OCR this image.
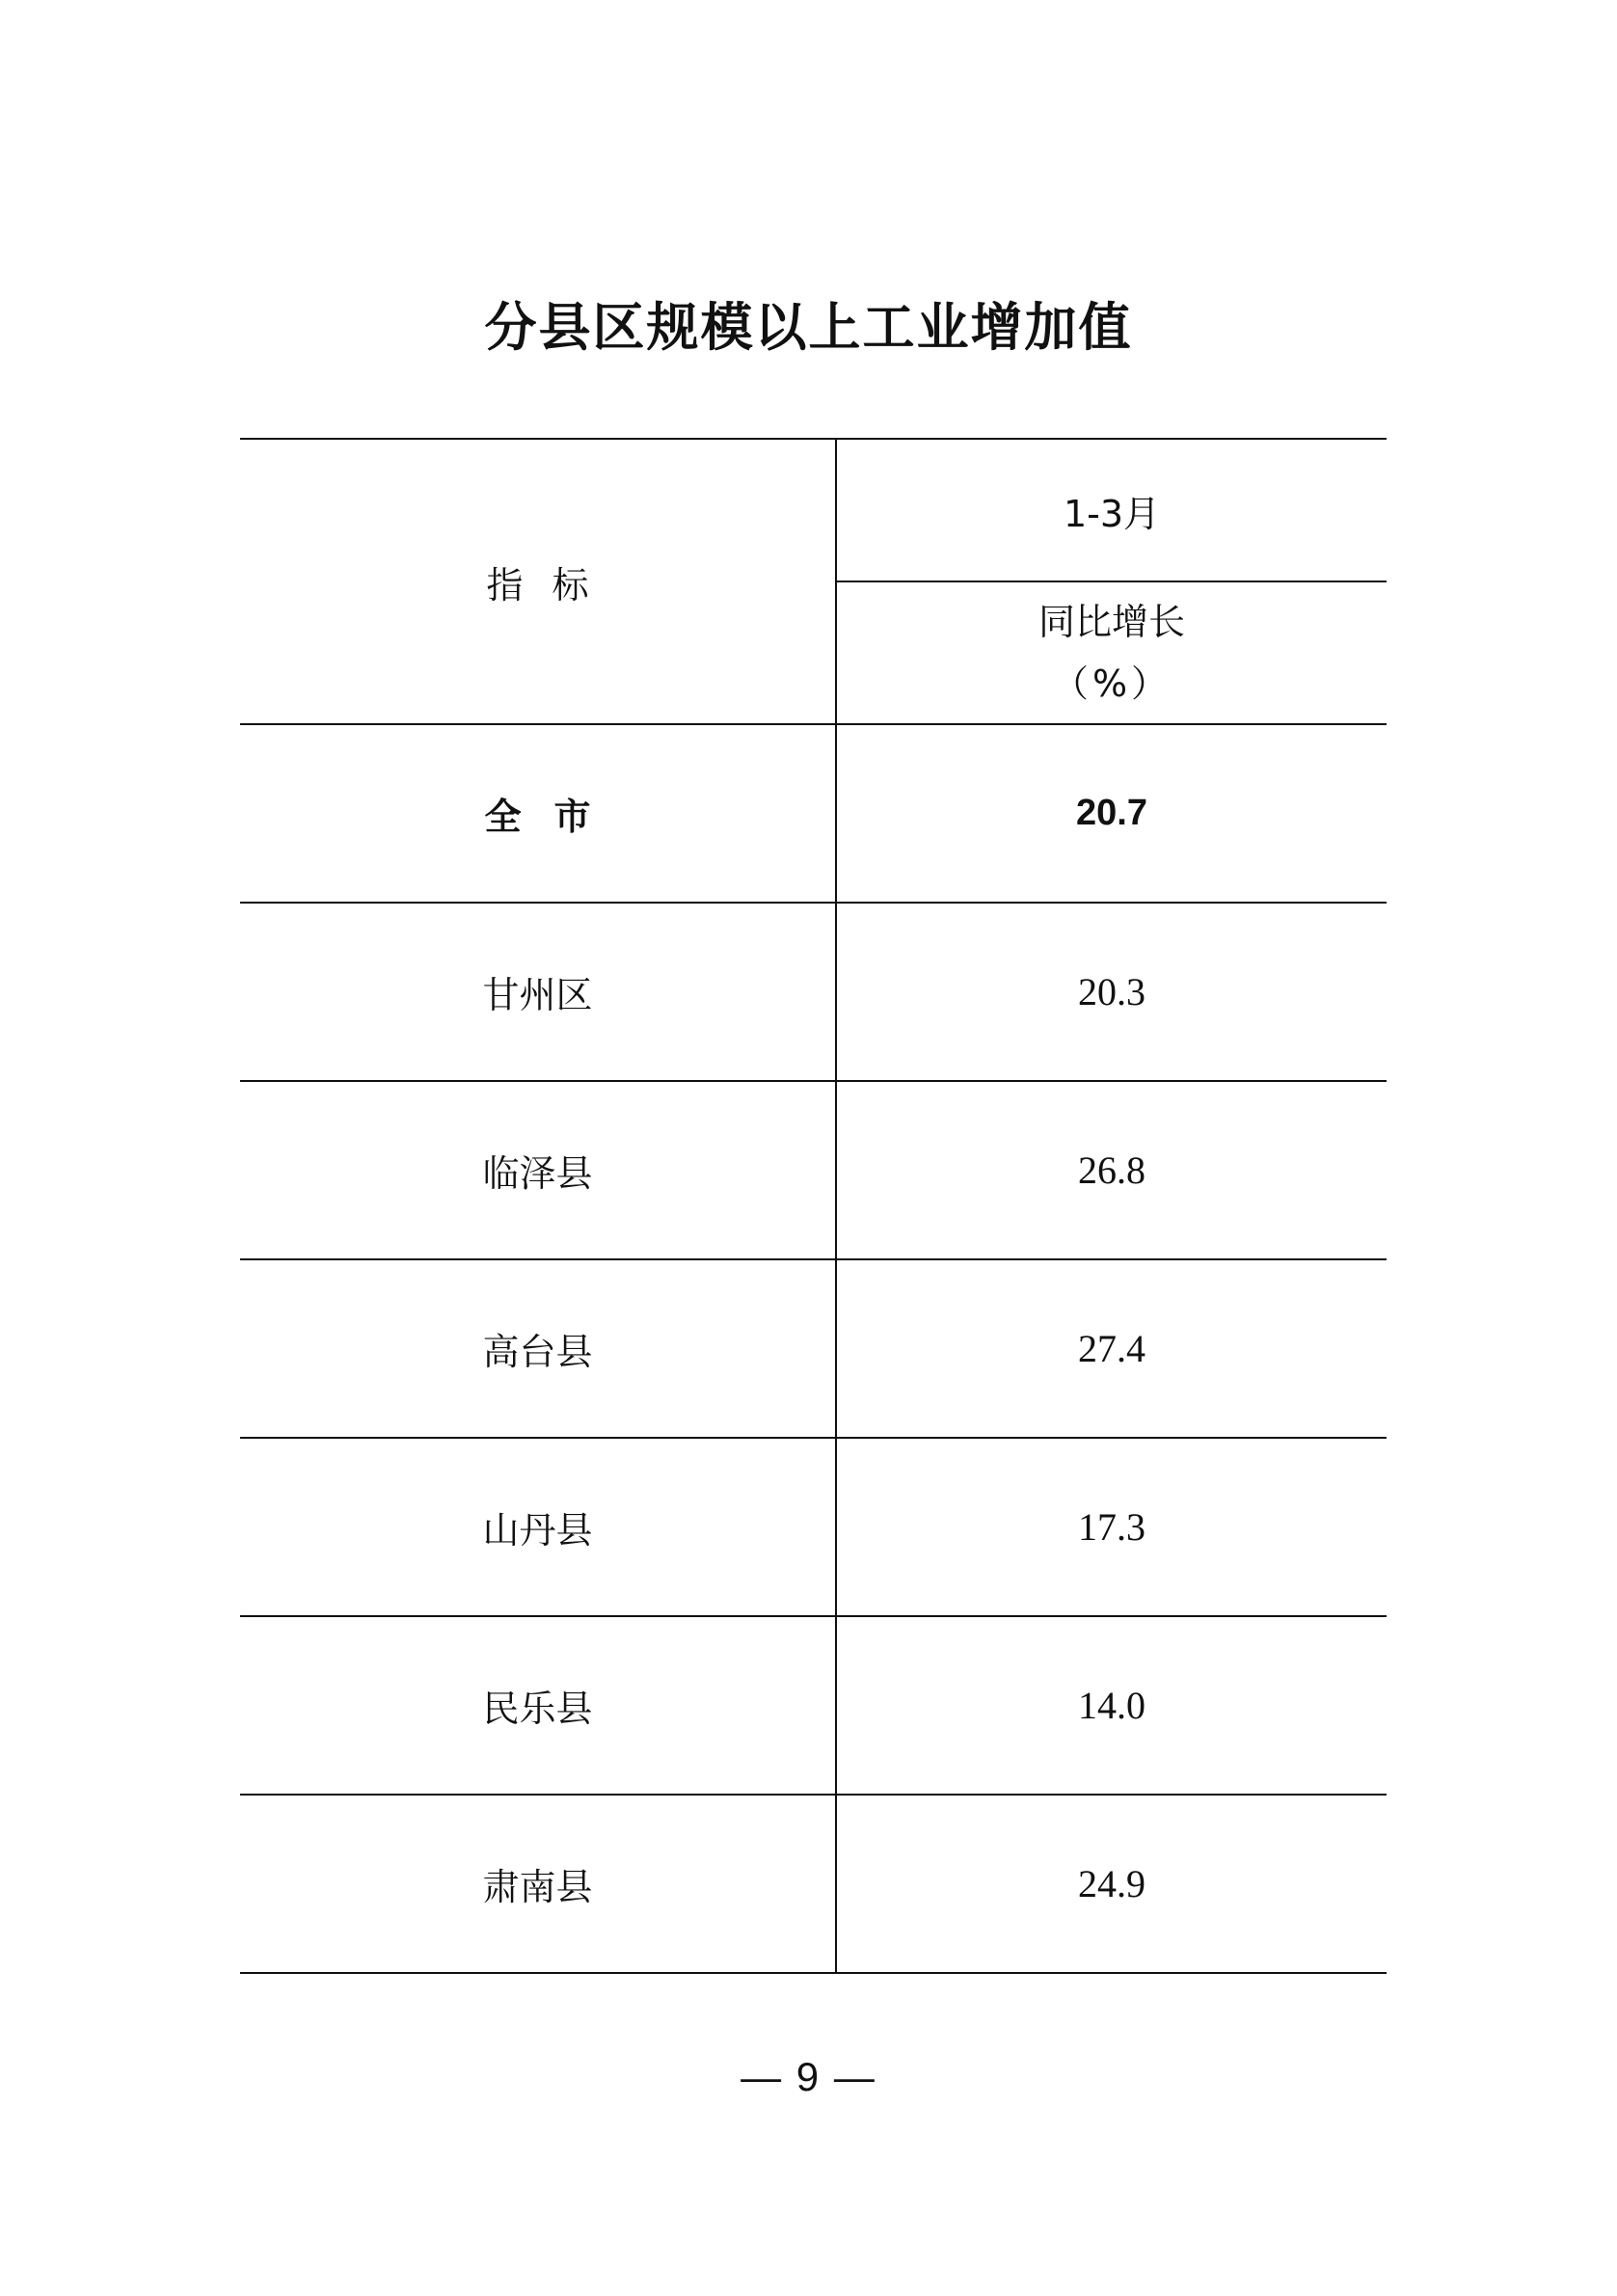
分县区规模以上工业增加值
指标	1-3月
	同比增长
（%）

全市	20.7
甘州区	20.3
临泽县	26.8
高台县	27.4
山丹县	17.3
民乐县	14.0
肃南县	24.9
— 9 —
